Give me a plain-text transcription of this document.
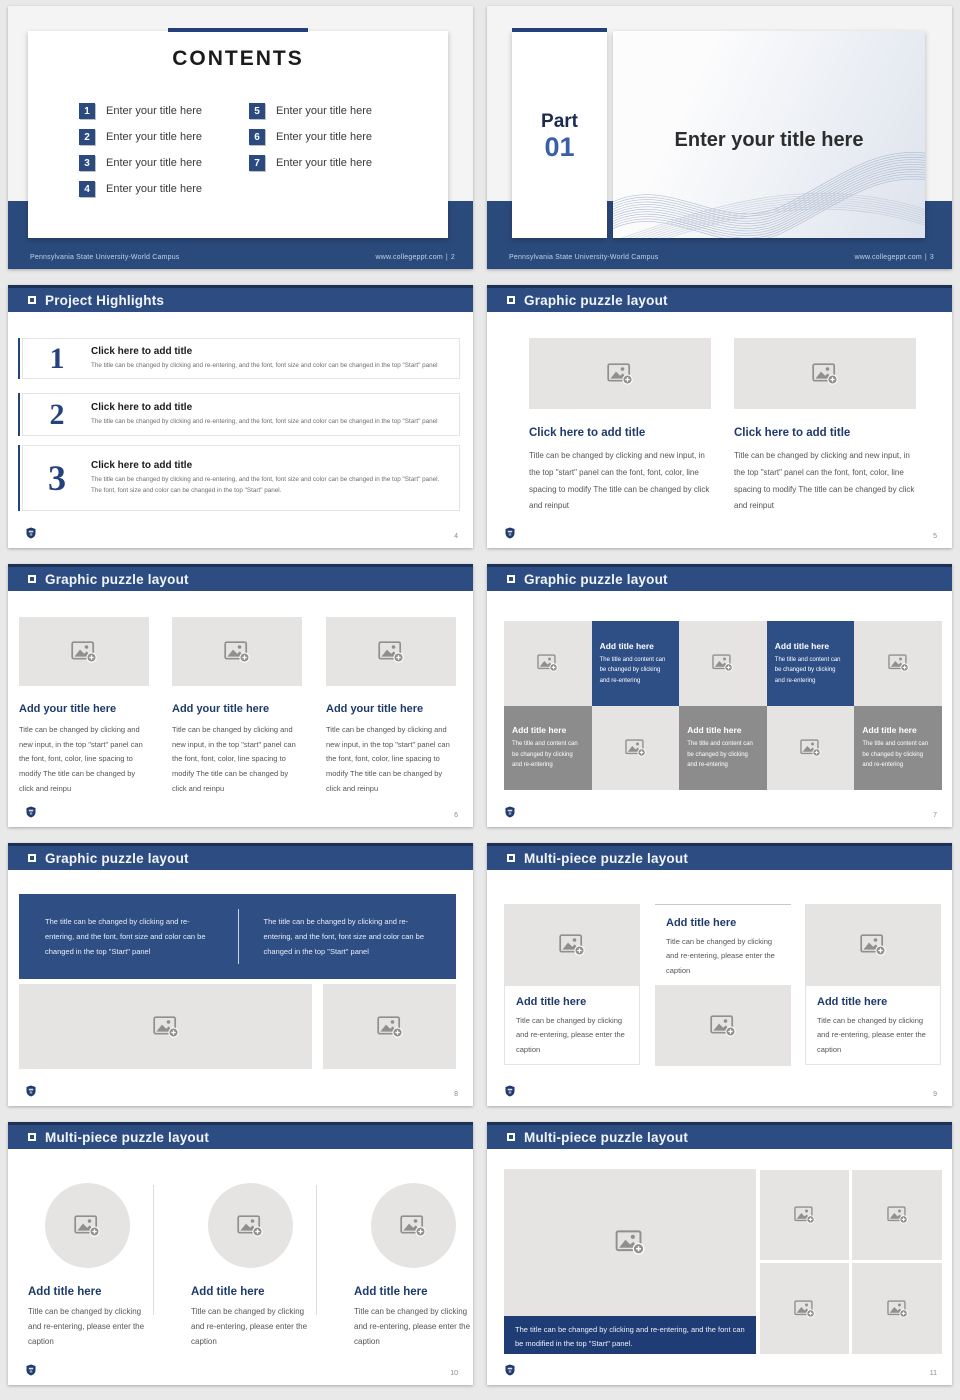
CONTENTS
1	Enter your title here
2	Enter your title here
3	Enter your title here
4	Enter your title here
5	Enter your title here
6	Enter your title here
7	Enter your title here
Pennsylvania State University-World Campus	www.collegeppt.com | 2
Part
01	Enter your title here
Pennsylvania State University-World Campus	www.collegeppt.com | 3
Project Highlights
1	Click here to add title
The title can be changed by clicking and re-entering, and the font, font size and color can be changed in the top "Start" panel
2	Click here to add title
The title can be changed by clicking and re-entering, and the font, font size and color can be changed in the top "Start" panel
3	Click here to add title
The title can be changed by clicking and re-entering, and the font, font size and color can be changed in the top "Start" panel. The font, font size and color can be changed in the top "Start" panel.
4
Graphic puzzle layout
Click here to add title
Title can be changed by clicking and new input, in the top "start" panel can the font, font, color, line spacing to modify The title can be changed by click and reinput
Click here to add title
Title can be changed by clicking and new input, in the top "start" panel can the font, font, color, line spacing to modify The title can be changed by click and reinput
5
Graphic puzzle layout
Add your title here
Title can be changed by clicking and new input, in the top "start" panel can the font, font, color, line spacing to modify The title can be changed by click and reinpu
Add your title here
Title can be changed by clicking and new input, in the top "start" panel can the font, font, color, line spacing to modify The title can be changed by click and reinpu
Add your title here
Title can be changed by clicking and new input, in the top "start" panel can the font, font, color, line spacing to modify The title can be changed by click and reinpu
6
Graphic puzzle layout
Add title here
The title and content can be changed by clicking and re-entering
Add title here
The title and content can be changed by clicking and re-entering
Add title here
The title and content can be changed by clicking and re-entering
Add title here
The title and content can be changed by clicking and re-entering
Add title here
The title and content can be changed by clicking and re-entering
7
Graphic puzzle layout
The title can be changed by clicking and re-entering, and the font, font size and color can be changed in the top "Start" panel
The title can be changed by clicking and re-entering, and the font, font size and color can be changed in the top "Start" panel
8
Multi-piece puzzle layout
Add title here
Title can be changed by clicking and re-entering, please enter the caption
Add title here
Title can be changed by clicking and re-entering, please enter the caption
Add title here
Title can be changed by clicking and re-entering, please enter the caption
9
Multi-piece puzzle layout
Add title here
Title can be changed by clicking and re-entering, please enter the caption
Add title here
Title can be changed by clicking and re-entering, please enter the caption
Add title here
Title can be changed by clicking and re-entering, please enter the caption
10
Multi-piece puzzle layout
The title can be changed by clicking and re-entering, and the font can be modified in the top "Start" panel.
11
